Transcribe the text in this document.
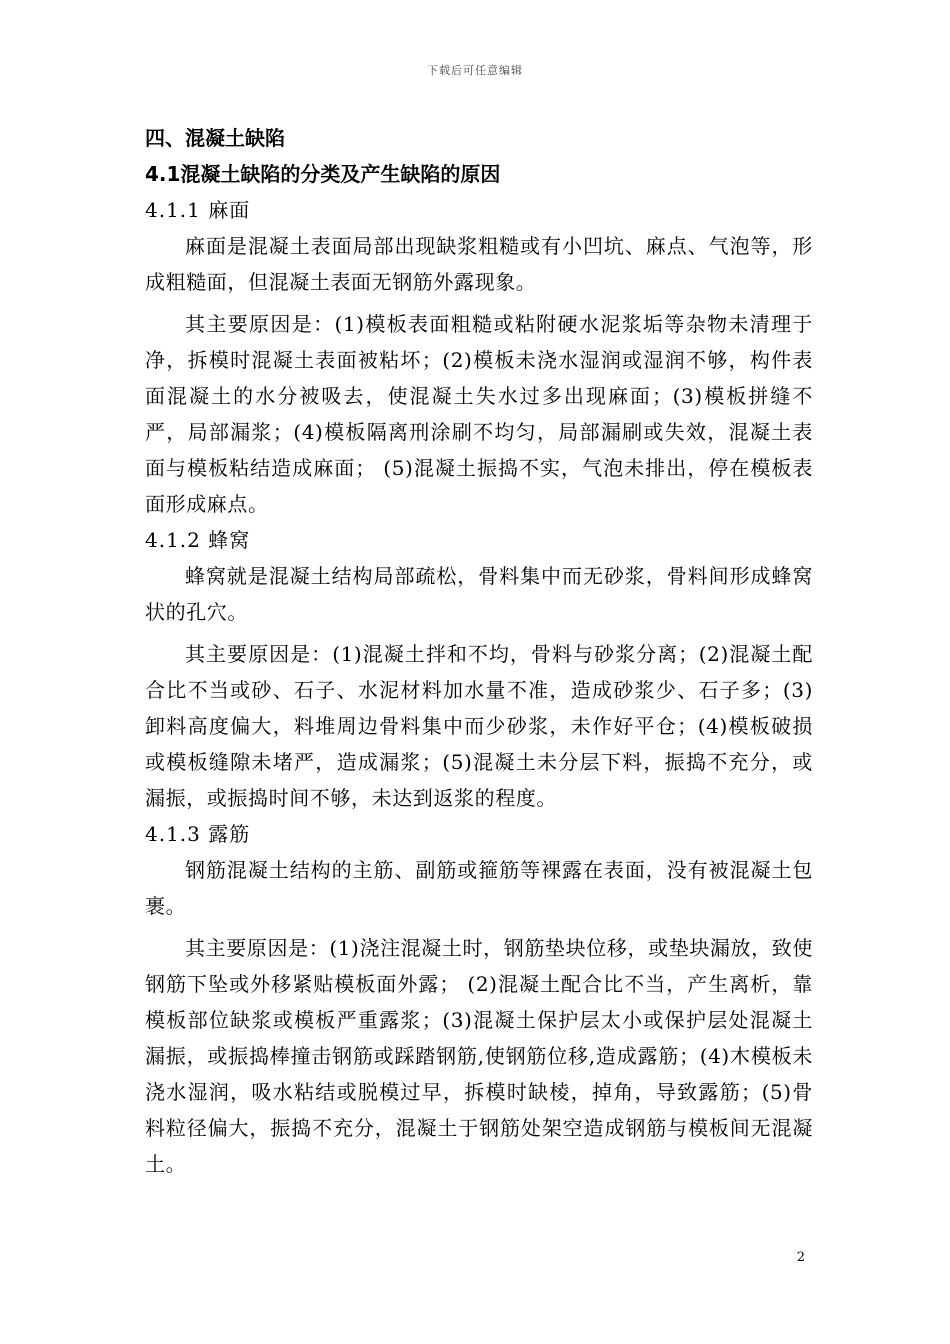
下载后可任意编辑

四、混凝土缺陷

4.1混凝土缺陷的分类及产生缺陷的原因

4.1.1 麻面

麻面是混凝土表面局部出现缺浆粗糙或有小凹坑、麻点、气泡等，形成粗糙面，但混凝土表面无钢筋外露现象。

其主要原因是：(1)模板表面粗糙或粘附硬水泥浆垢等杂物未清理于净，拆模时混凝土表面被粘坏；(2)模板未浇水湿润或湿润不够，构件表面混凝土的水分被吸去，使混凝土失水过多出现麻面；(3)模板拼缝不严，局部漏浆；(4)模板隔离刑涂刷不均匀，局部漏刷或失效，混凝土表面与模板粘结造成麻面； (5)混凝土振捣不实，气泡未排出，停在模板表面形成麻点。

4.1.2 蜂窝

蜂窝就是混凝土结构局部疏松，骨料集中而无砂浆，骨料间形成蜂窝状的孔穴。

其主要原因是：(1)混凝土拌和不均，骨料与砂浆分离；(2)混凝土配合比不当或砂、石子、水泥材料加水量不准，造成砂浆少、石子多；(3)卸料高度偏大，料堆周边骨料集中而少砂浆，未作好平仓；(4)模板破损或模板缝隙未堵严，造成漏浆；(5)混凝土未分层下料，振捣不充分，或漏振，或振捣时间不够，未达到返浆的程度。

4.1.3 露筋

钢筋混凝土结构的主筋、副筋或箍筋等裸露在表面，没有被混凝土包裹。

其主要原因是：(1)浇注混凝土时，钢筋垫块位移，或垫块漏放，致使钢筋下坠或外移紧贴模板面外露； (2)混凝土配合比不当，产生离析，靠模板部位缺浆或模板严重露浆；(3)混凝土保护层太小或保护层处混凝土漏振，或振捣棒撞击钢筋或踩踏钢筋,使钢筋位移,造成露筋；(4)木模板未浇水湿润，吸水粘结或脱模过早，拆模时缺棱，掉角，导致露筋；(5)骨料粒径偏大，振捣不充分，混凝土于钢筋处架空造成钢筋与模板间无混凝土。

2
